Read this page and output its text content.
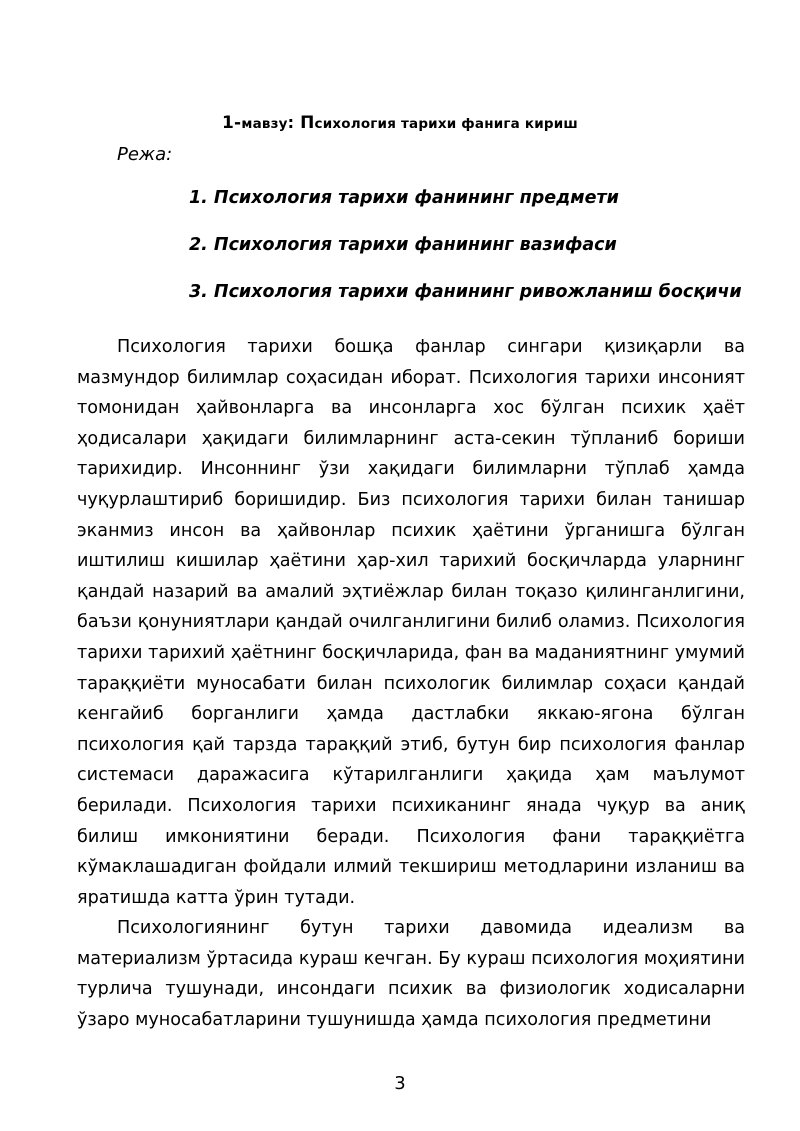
1-мавзу: Психология тарихи фанига кириш
Режа:
1. Психология тарихи фанининг предмети
2. Психология тарихи фанининг вазифаси
3. Психология тарихи фанининг ривожланиш босқичи

Психология тарихи бошқа фанлар сингари қизиқарли ва мазмундор билимлар соҳасидан иборат. Психология тарихи инсоният томонидан ҳайвонларга ва инсонларга хос бўлган психик ҳаёт ҳодисалари ҳақидаги билимларнинг аста-секин тўпланиб бориши тарихидир. Инсоннинг ўзи хақидаги билимларни тўплаб ҳамда чуқурлаштириб боришидир. Биз психология тарихи билан танишар эканмиз инсон ва ҳайвонлар психик ҳаётини ўрганишга бўлган иштилиш кишилар ҳаётини ҳар-хил тарихий босқичларда уларнинг қандай назарий ва амалий эҳтиёжлар билан тоқазо қилинганлигини, баъзи қонуниятлари қандай очилганлигини билиб оламиз. Психология тарихи тарихий ҳаётнинг босқичларида, фан ва маданиятнинг умумий тараққиёти муносабати билан психологик билимлар соҳаси қандай кенгайиб борганлиги ҳамда дастлабки яккаю-ягона бўлган психология қай тарзда тараққий этиб, бутун бир психология фанлар системаси даражасига кўтарилганлиги ҳақида ҳам маълумот берилади. Психология тарихи психиканинг янада чуқур ва аниқ билиш имкониятини беради. Психология фани тараққиётга кўмаклашадиган фойдали илмий текшириш методларини изланиш ва яратишда катта ўрин тутади.

Психологиянинг бутун тарихи давомида идеализм ва материализм ўртасида кураш кечган. Бу кураш психология моҳиятини турлича тушунади, инсондаги психик ва физиологик ходисаларни ўзаро муносабатларини тушунишда ҳамда психология предметини

3
